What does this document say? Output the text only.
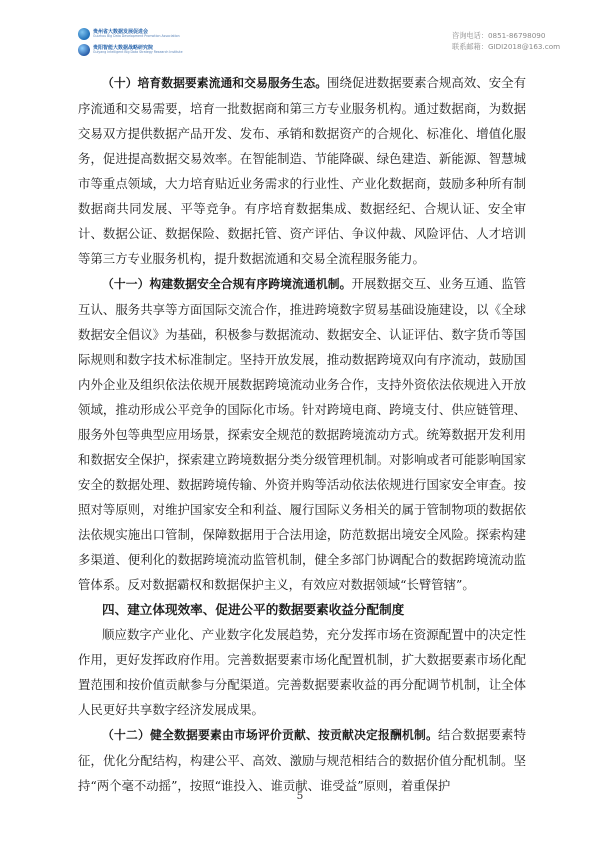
贵州省大数据发展促进会
Guizhou Big Data Development Promotion Association
贵阳智能大数据战略研究院
Guiyang Intelligent Big Data Strategy Research Institute
咨询电话：0851-86798090
联系邮箱：GIDI2018@163.com

（十）培育数据要素流通和交易服务生态。围绕促进数据要素合规高效、安全有序流通和交易需要，培育一批数据商和第三方专业服务机构。通过数据商，为数据交易双方提供数据产品开发、发布、承销和数据资产的合规化、标准化、增值化服务，促进提高数据交易效率。在智能制造、节能降碳、绿色建造、新能源、智慧城市等重点领域，大力培育贴近业务需求的行业性、产业化数据商，鼓励多种所有制数据商共同发展、平等竞争。有序培育数据集成、数据经纪、合规认证、安全审计、数据公证、数据保险、数据托管、资产评估、争议仲裁、风险评估、人才培训等第三方专业服务机构，提升数据流通和交易全流程服务能力。

（十一）构建数据安全合规有序跨境流通机制。开展数据交互、业务互通、监管互认、服务共享等方面国际交流合作，推进跨境数字贸易基础设施建设，以《全球数据安全倡议》为基础，积极参与数据流动、数据安全、认证评估、数字货币等国际规则和数字技术标准制定。坚持开放发展，推动数据跨境双向有序流动，鼓励国内外企业及组织依法依规开展数据跨境流动业务合作，支持外资依法依规进入开放领域，推动形成公平竞争的国际化市场。针对跨境电商、跨境支付、供应链管理、服务外包等典型应用场景，探索安全规范的数据跨境流动方式。统筹数据开发利用和数据安全保护，探索建立跨境数据分类分级管理机制。对影响或者可能影响国家安全的数据处理、数据跨境传输、外资并购等活动依法依规进行国家安全审查。按照对等原则，对维护国家安全和利益、履行国际义务相关的属于管制物项的数据依法依规实施出口管制，保障数据用于合法用途，防范数据出境安全风险。探索构建多渠道、便利化的数据跨境流动监管机制，健全多部门协调配合的数据跨境流动监管体系。反对数据霸权和数据保护主义，有效应对数据领域“长臂管辖”。

四、建立体现效率、促进公平的数据要素收益分配制度

顺应数字产业化、产业数字化发展趋势，充分发挥市场在资源配置中的决定性作用，更好发挥政府作用。完善数据要素市场化配置机制，扩大数据要素市场化配置范围和按价值贡献参与分配渠道。完善数据要素收益的再分配调节机制，让全体人民更好共享数字经济发展成果。

（十二）健全数据要素由市场评价贡献、按贡献决定报酬机制。结合数据要素特征，优化分配结构，构建公平、高效、激励与规范相结合的数据价值分配机制。坚持“两个毫不动摇”，按照“谁投入、谁贡献、谁受益”原则，着重保护

5
